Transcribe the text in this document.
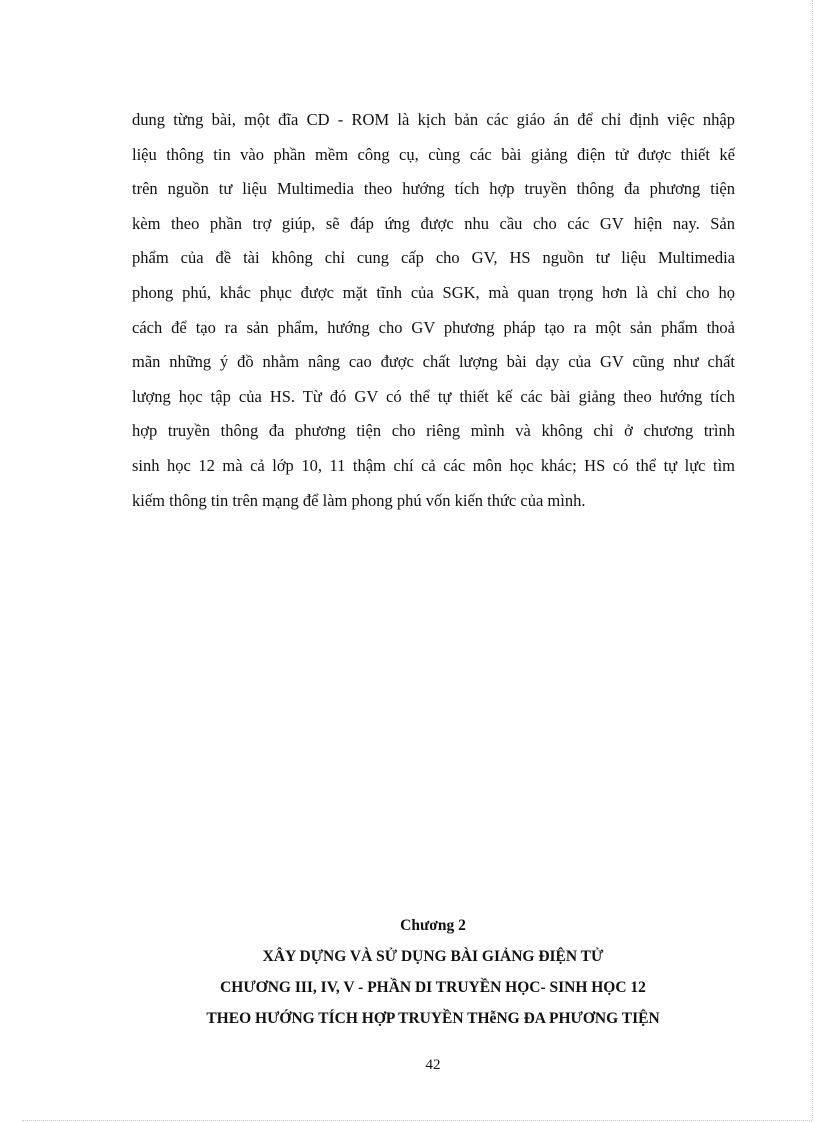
dung từng bài, một đĩa CD - ROM là kịch bản các giáo án để chỉ định việc nhập
liệu thông tin vào phần mềm công cụ, cùng các bài giảng điện tử được thiết kế
trên nguồn tư liệu Multimedia theo hướng tích hợp truyền thông đa phương tiện
kèm theo phần trợ giúp, sẽ đáp ứng được nhu cầu cho các GV hiện nay. Sản
phẩm của đề tài không chỉ cung cấp cho GV, HS nguồn tư liệu Multimedia
phong phú, khắc phục được mặt tĩnh của SGK, mà quan trọng hơn là chỉ cho họ
cách để tạo ra sản phẩm, hướng cho GV phương pháp tạo ra một sản phẩm thoả
mãn những ý đồ nhằm nâng cao được chất lượng bài dạy của GV cũng như chất
lượng học tập của HS. Từ đó GV có thể tự thiết kế các bài giảng theo hướng tích
hợp truyền thông đa phương tiện cho riêng mình và không chỉ ở chương trình
sinh học 12 mà cả lớp 10, 11 thậm chí cả các môn học khác; HS có thể tự lực tìm
kiếm thông tin trên mạng để làm phong phú vốn kiến thức của mình.
Chương 2
XÂY DỰNG VÀ SỬ DỤNG BÀI GIẢNG ĐIỆN TỬ
CHƯƠNG III, IV, V - PHẦN DI TRUYỀN HỌC- SINH HỌC 12
THEO HƯỚNG TÍCH HỢP TRUYỀN THễNG ĐA PHƯƠNG TIỆN
42
